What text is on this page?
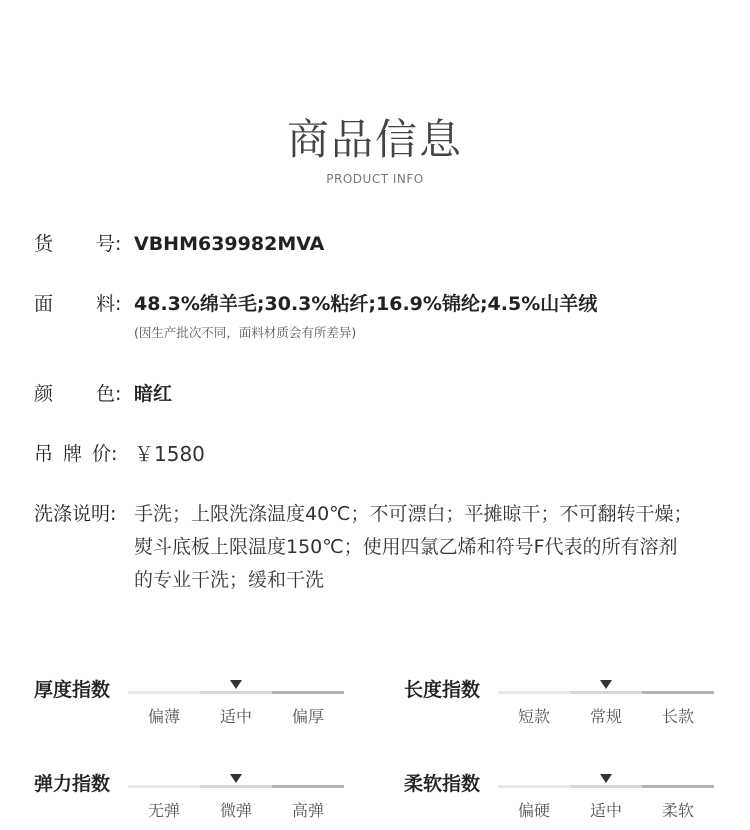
商品信息
PRODUCT INFO
货 号: VBHM639982MVA
面 料: 48.3%绵羊毛;30.3%粘纤;16.9%锦纶;4.5%山羊绒
(因生产批次不同，面料材质会有所差异)
颜 色: 暗红
吊 牌 价: ￥1580
洗涤说明: 手洗；上限洗涤温度40℃；不可漂白；平摊晾干；不可翻转干燥；
熨斗底板上限温度150℃；使用四氯乙烯和符号F代表的所有溶剂
的专业干洗；缓和干洗
厚度指数
偏薄	适中	偏厚
长度指数
短款	常规	长款
弹力指数
无弹	微弹	高弹
柔软指数
偏硬	适中	柔软
